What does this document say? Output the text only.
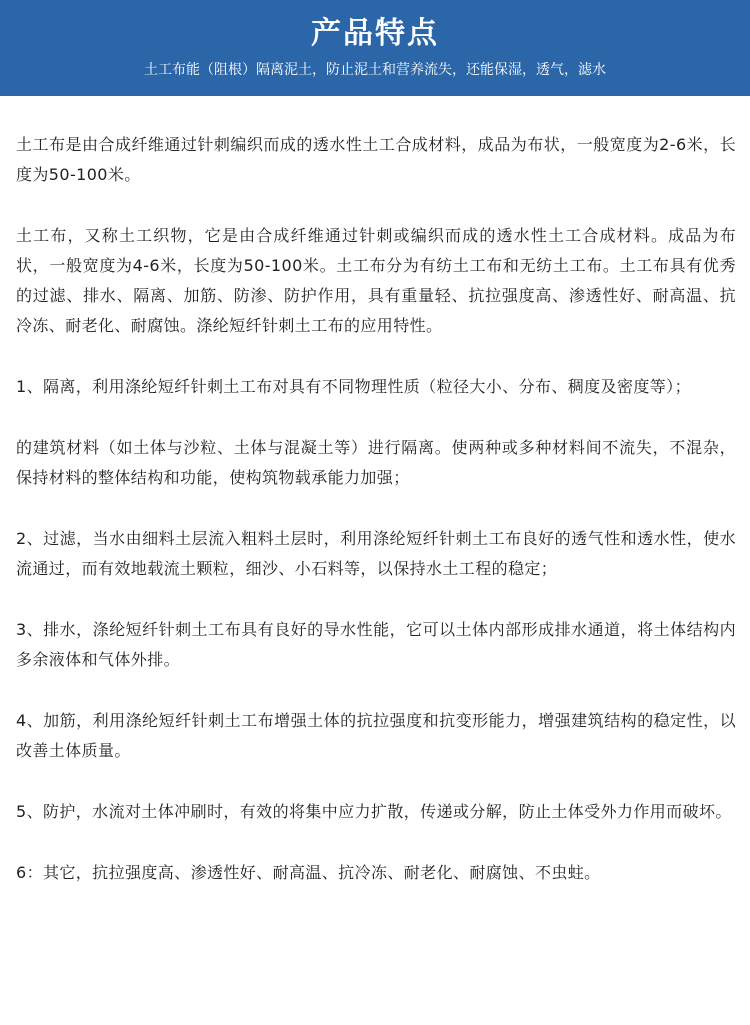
产品特点
土工布能（阻根）隔离泥土，防止泥土和营养流失，还能保湿，透气，滤水

土工布是由合成纤维通过针刺编织而成的透水性土工合成材料，成品为布状，一般宽度为2-6米，长度为50-100米。

土工布，又称土工织物，它是由合成纤维通过针刺或编织而成的透水性土工合成材料。成品为布状，一般宽度为4-6米，长度为50-100米。土工布分为有纺土工布和无纺土工布。土工布具有优秀的过滤、排水、隔离、加筋、防渗、防护作用，具有重量轻、抗拉强度高、渗透性好、耐高温、抗冷冻、耐老化、耐腐蚀。涤纶短纤针刺土工布的应用特性。

1、隔离，利用涤纶短纤针刺土工布对具有不同物理性质（粒径大小、分布、稠度及密度等）；

的建筑材料（如土体与沙粒、土体与混凝土等）进行隔离。使两种或多种材料间不流失，不混杂，保持材料的整体结构和功能，使构筑物载承能力加强；

2、过滤，当水由细料土层流入粗料土层时，利用涤纶短纤针刺土工布良好的透气性和透水性，使水流通过，而有效地载流土颗粒，细沙、小石料等，以保持水土工程的稳定；

3、排水，涤纶短纤针刺土工布具有良好的导水性能，它可以土体内部形成排水通道，将土体结构内多余液体和气体外排。

4、加筋，利用涤纶短纤针刺土工布增强土体的抗拉强度和抗变形能力，增强建筑结构的稳定性，以改善土体质量。

5、防护，水流对土体冲刷时，有效的将集中应力扩散，传递或分解，防止土体受外力作用而破坏。

6：其它，抗拉强度高、渗透性好、耐高温、抗冷冻、耐老化、耐腐蚀、不虫蛀。
